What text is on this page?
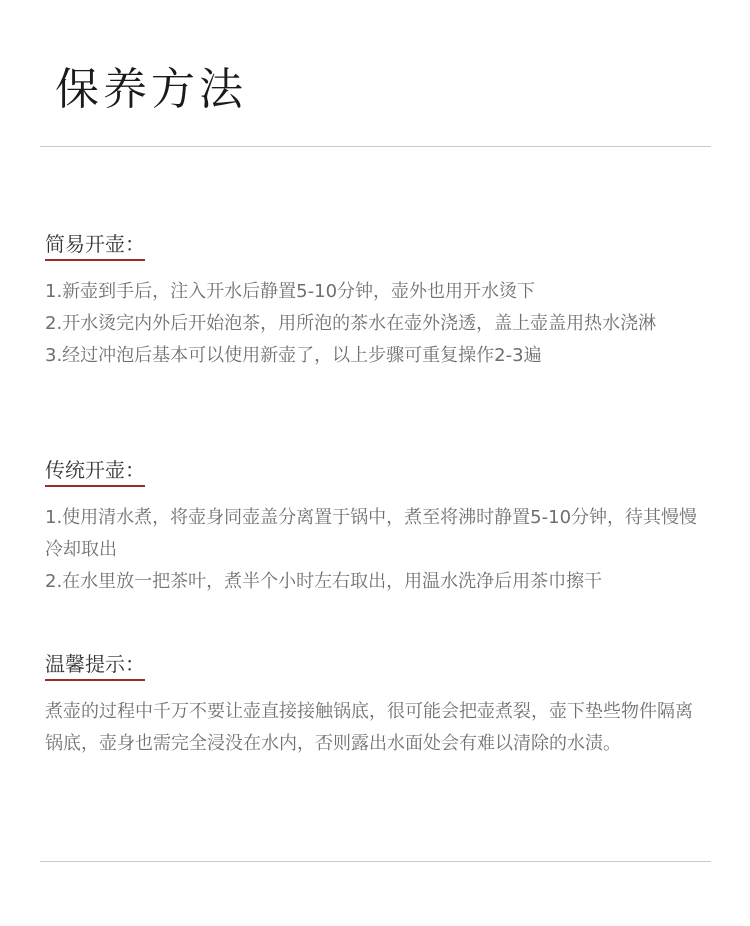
保养方法
简易开壶：

1.新壶到手后，注入开水后静置5-10分钟，壶外也用开水烫下

2.开水烫完内外后开始泡茶，用所泡的茶水在壶外浇透，盖上壶盖用热水浇淋

3.经过冲泡后基本可以使用新壶了，以上步骤可重复操作2-3遍

传统开壶：

1.使用清水煮，将壶身同壶盖分离置于锅中，煮至将沸时静置5-10分钟，待其慢慢冷却取出

2.在水里放一把茶叶，煮半个小时左右取出，用温水洗净后用茶巾擦干

温馨提示：

煮壶的过程中千万不要让壶直接接触锅底，很可能会把壶煮裂，壶下垫些物件隔离锅底，壶身也需完全浸没在水内，否则露出水面处会有难以清除的水渍。
